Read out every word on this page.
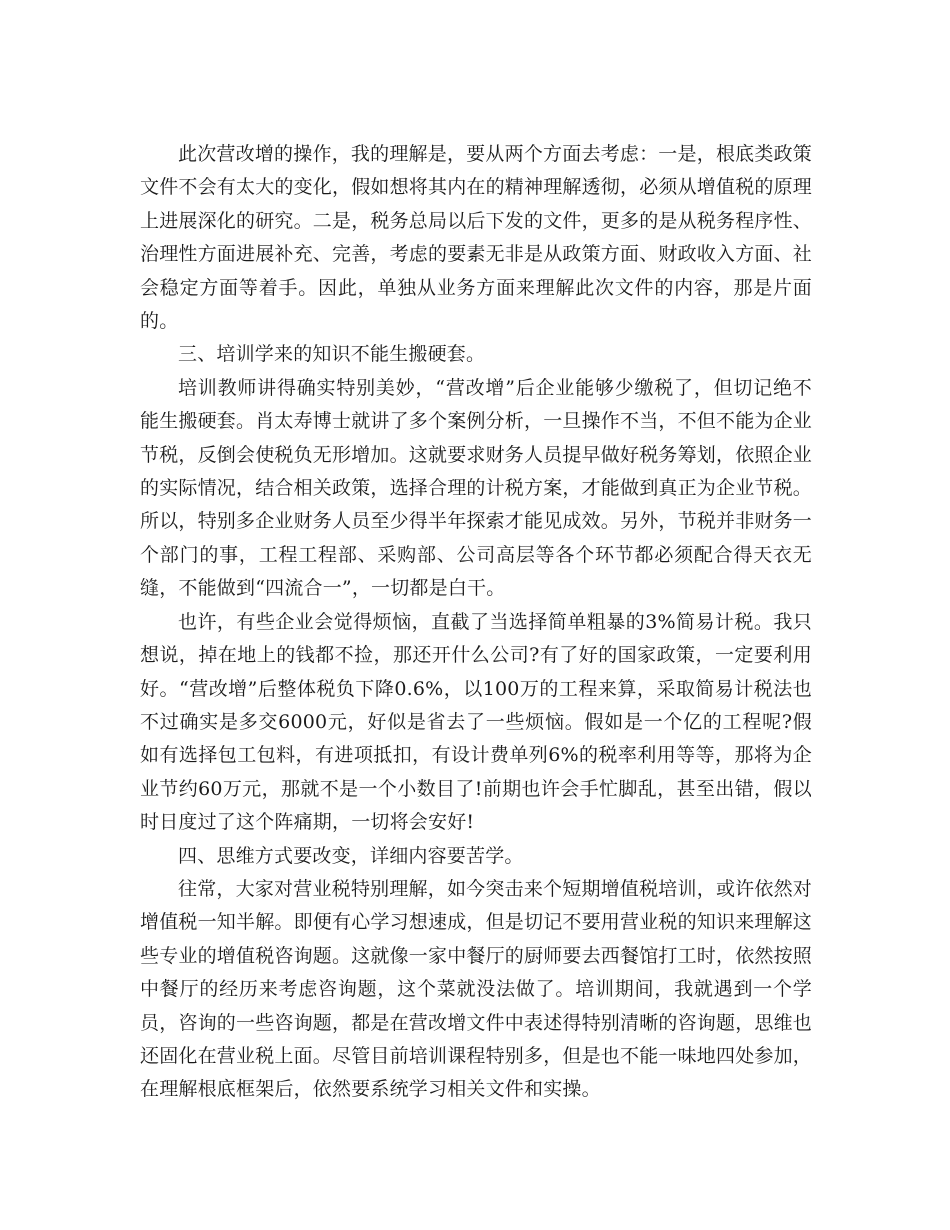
此次营改增的操作，我的理解是，要从两个方面去考虑：一是，根底类政策文件不会有太大的变化，假如想将其内在的精神理解透彻，必须从增值税的原理上进展深化的研究。二是，税务总局以后下发的文件，更多的是从税务程序性、治理性方面进展补充、完善，考虑的要素无非是从政策方面、财政收入方面、社会稳定方面等着手。因此，单独从业务方面来理解此次文件的内容，那是片面的。

三、培训学来的知识不能生搬硬套。

培训教师讲得确实特别美妙，“营改增”后企业能够少缴税了，但切记绝不能生搬硬套。肖太寿博士就讲了多个案例分析，一旦操作不当，不但不能为企业节税，反倒会使税负无形增加。这就要求财务人员提早做好税务筹划，依照企业的实际情况，结合相关政策，选择合理的计税方案，才能做到真正为企业节税。所以，特别多企业财务人员至少得半年探索才能见成效。另外，节税并非财务一个部门的事，工程工程部、采购部、公司高层等各个环节都必须配合得天衣无缝，不能做到“四流合一”，一切都是白干。

也许，有些企业会觉得烦恼，直截了当选择简单粗暴的3%简易计税。我只想说，掉在地上的钱都不捡，那还开什么公司?有了好的国家政策，一定要利用好。“营改增”后整体税负下降0.6%，以100万的工程来算，采取简易计税法也不过确实是多交6000元，好似是省去了一些烦恼。假如是一个亿的工程呢?假如有选择包工包料，有进项抵扣，有设计费单列6%的税率利用等等，那将为企业节约60万元，那就不是一个小数目了!前期也许会手忙脚乱，甚至出错，假以时日度过了这个阵痛期，一切将会安好!

四、思维方式要改变，详细内容要苦学。

往常，大家对营业税特别理解，如今突击来个短期增值税培训，或许依然对增值税一知半解。即便有心学习想速成，但是切记不要用营业税的知识来理解这些专业的增值税咨询题。这就像一家中餐厅的厨师要去西餐馆打工时，依然按照中餐厅的经历来考虑咨询题，这个菜就没法做了。培训期间，我就遇到一个学员，咨询的一些咨询题，都是在营改增文件中表述得特别清晰的咨询题，思维也还固化在营业税上面。尽管目前培训课程特别多，但是也不能一味地四处参加，在理解根底框架后，依然要系统学习相关文件和实操。
